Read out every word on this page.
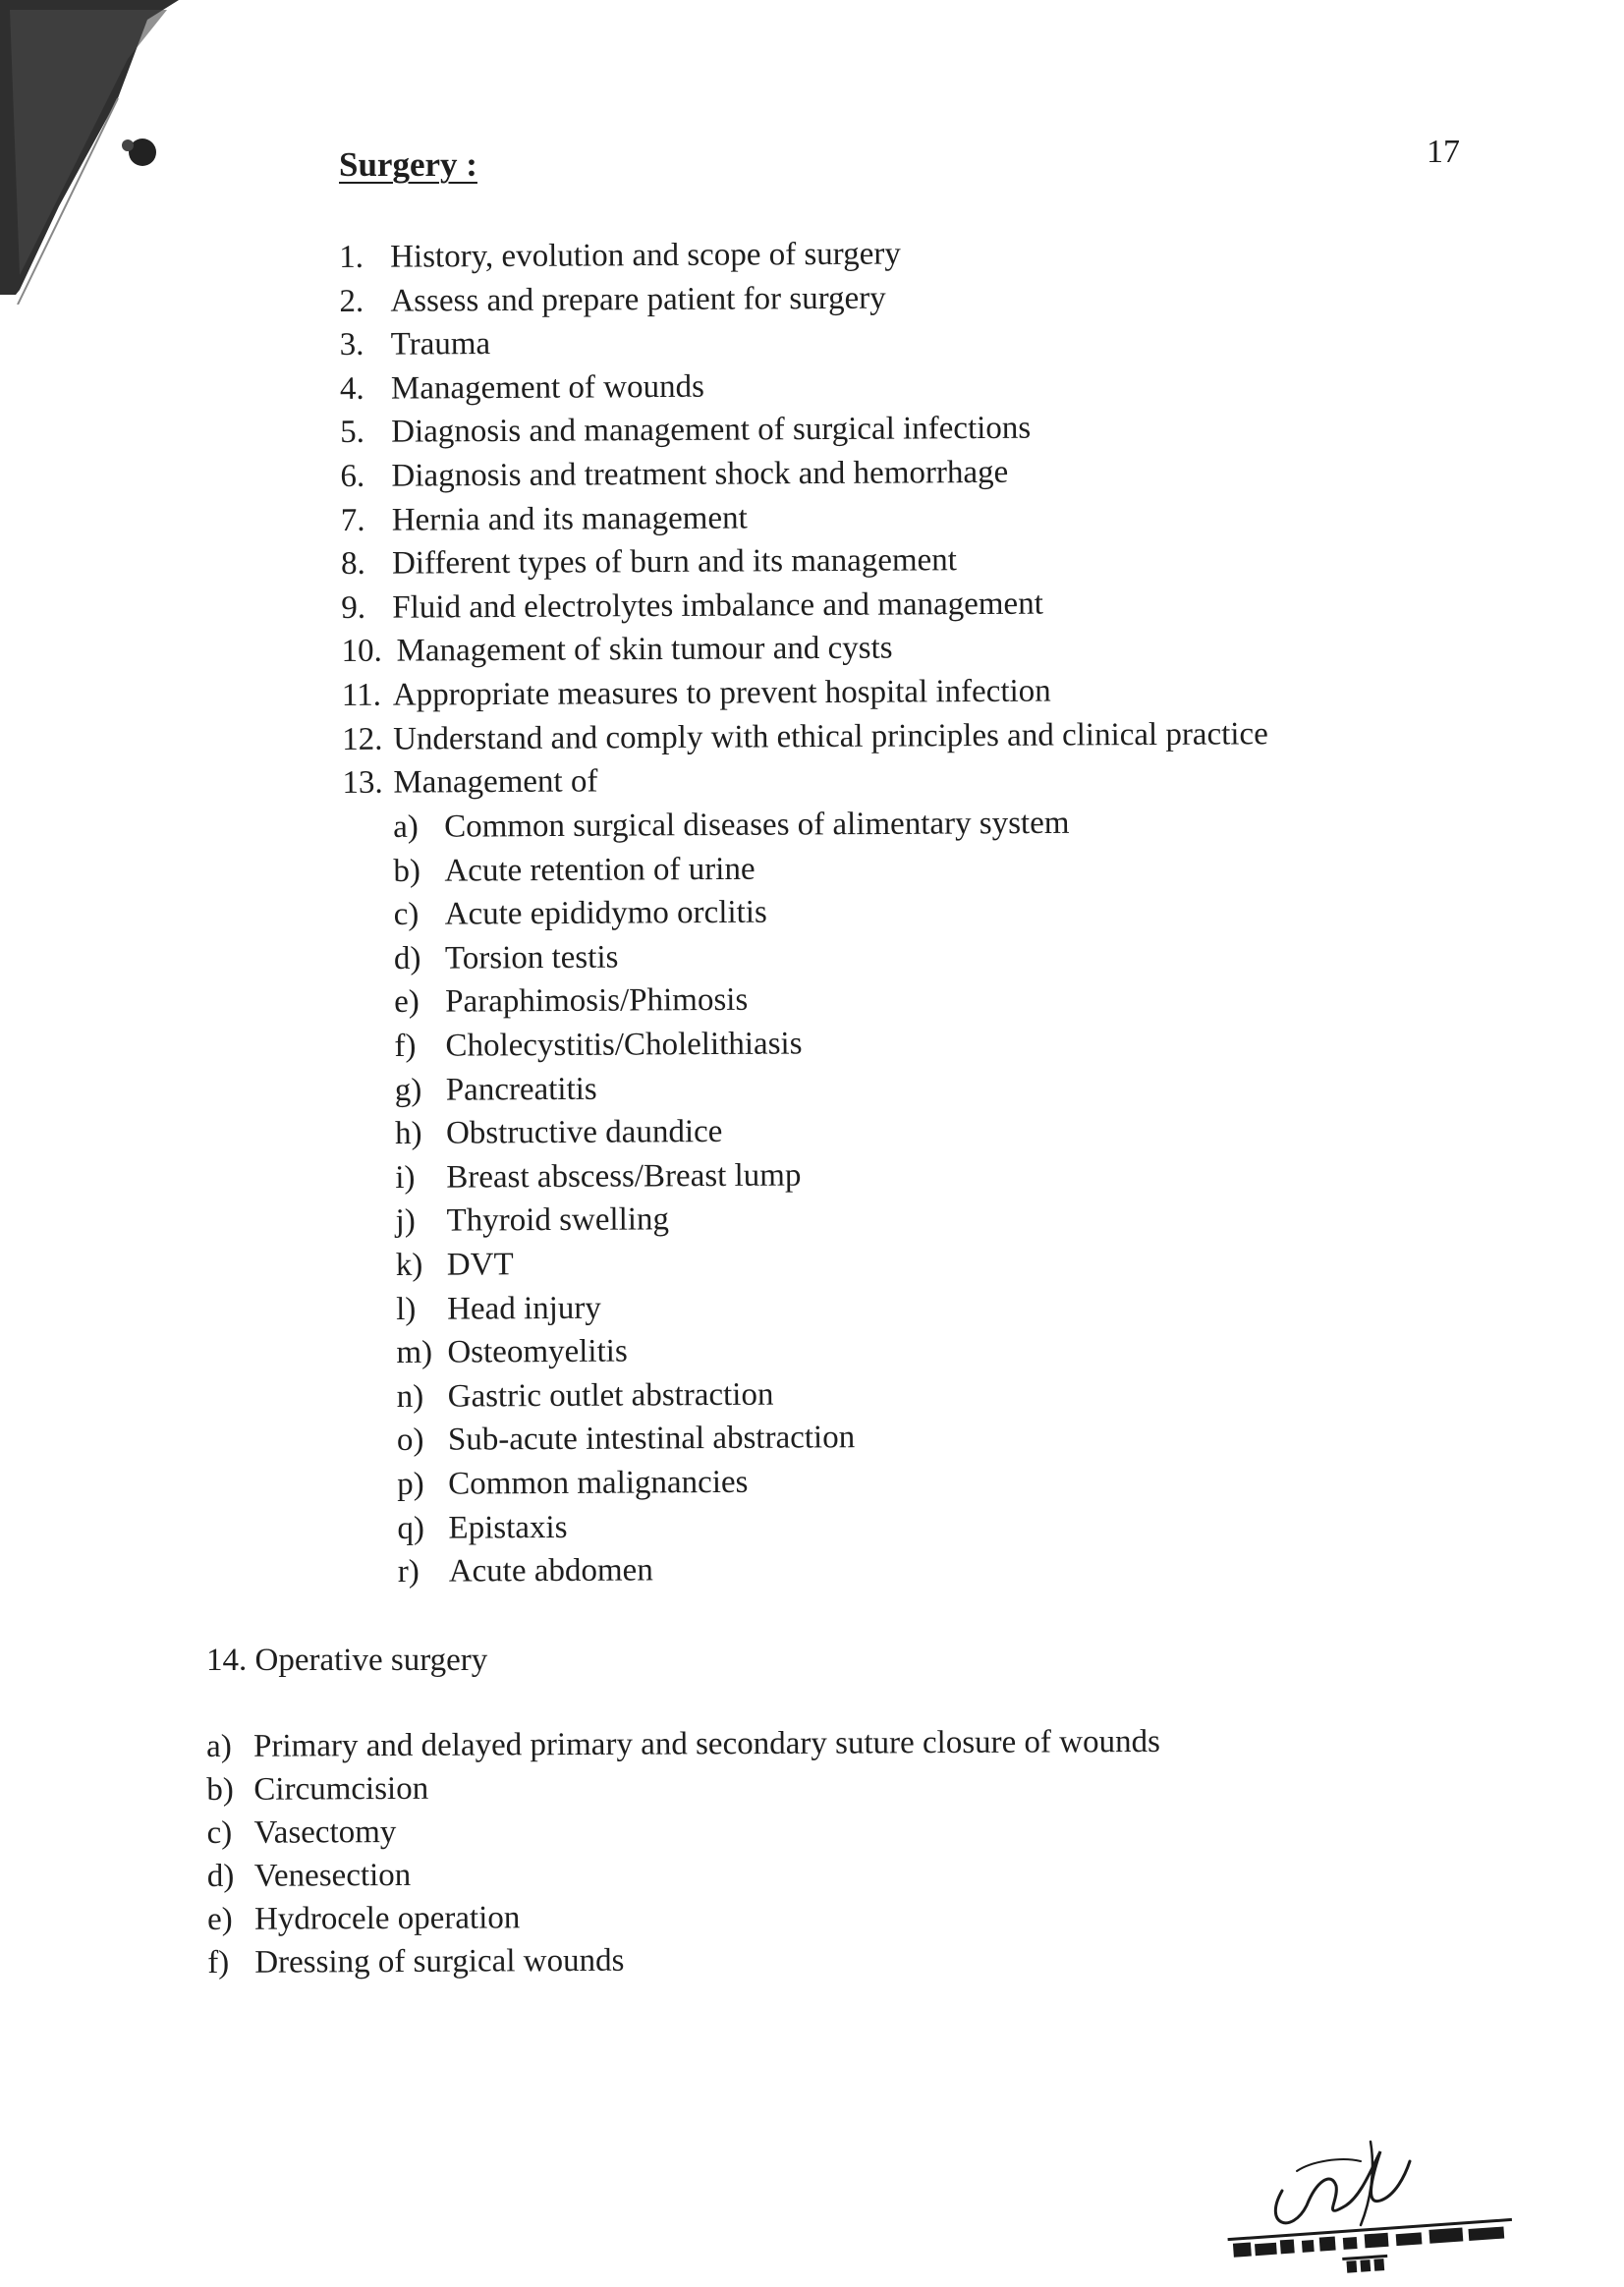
17
Surgery :
1. History, evolution and scope of surgery
2. Assess and prepare patient for surgery
3. Trauma
4. Management of wounds
5. Diagnosis and management of surgical infections
6. Diagnosis and treatment shock and hemorrhage
7. Hernia and its management
8. Different types of burn and its management
9. Fluid and electrolytes imbalance and management
10. Management of skin tumour and cysts
11. Appropriate measures to prevent hospital infection
12. Understand and comply with ethical principles and clinical practice
13. Management of
a) Common surgical diseases of alimentary system
b) Acute retention of urine
c) Acute epididymo orclitis
d) Torsion testis
e) Paraphimosis/Phimosis
f) Cholecystitis/Cholelithiasis
g) Pancreatitis
h) Obstructive daundice
i) Breast abscess/Breast lump
j) Thyroid swelling
k) DVT
l) Head injury
m) Osteomyelitis
n) Gastric outlet abstraction
o) Sub-acute intestinal abstraction
p) Common malignancies
q) Epistaxis
r) Acute abdomen
14. Operative surgery
a) Primary and delayed primary and secondary suture closure of wounds
b) Circumcision
c) Vasectomy
d) Venesection
e) Hydrocele operation
f) Dressing of surgical wounds
